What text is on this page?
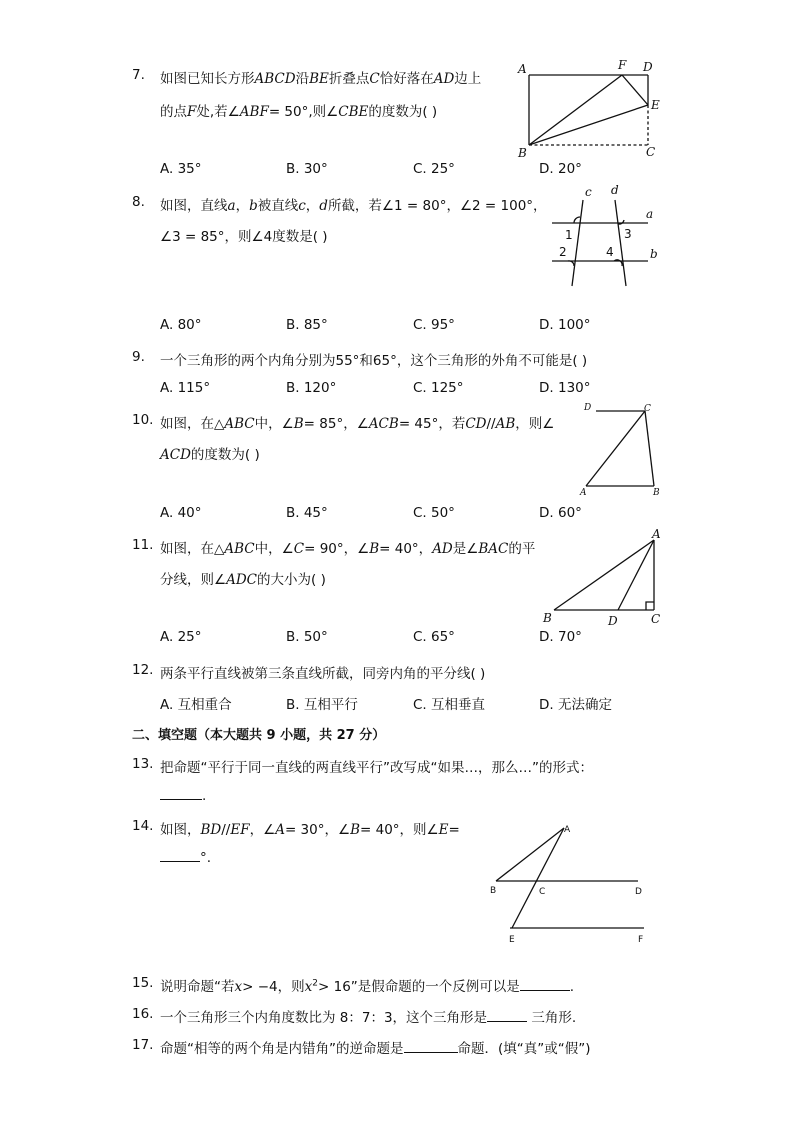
7.	如图已知长方形ABCD沿BE折叠点C恰好落在AD边上
的点F处,若∠ABF= 50°,则∠CBE的度数为( )
A. 35°	B. 30°	C. 25°	D. 20°
A
B	C
D
E
F
8.	如图，直线a，b被直线c，d所截，若∠1 = 80°，∠2 = 100°，
∠3 = 85°，则∠4度数是( )
A. 80°	B. 85°	C. 95°	D. 100°
c d
a
b
1
2
3
4
9.	一个三角形的两个内角分别为55°和65°，这个三角形的外角不可能是( )
A. 115°	B. 120°	C. 125°	D. 130°
10. 如图，在△ABC中，∠B= 85°，∠ACB= 45°，若CD//AB，则∠
ACD的度数为( )
A. 40°	B. 45°	C. 50°	D. 60°
D	C
A	B
11. 如图，在△ABC中，∠C= 90°，∠B= 40°，AD是∠BAC的平
分线，则∠ADC的大小为( )
A. 25°	B. 50°	C. 65°	D. 70°
A
B	C
D
12. 两条平行直线被第三条直线所截，同旁内角的平分线( )
A. 互相重合	B. 互相平行	C. 互相垂直	D. 无法确定
二、填空题（本大题共 9 小题，共 27 分）
13. 把命题“平行于同一直线的两直线平行”改写成“如果…，那么…”的形式：
.
14. 如图，BD//EF，∠A= 30°，∠B= 40°，则∠E=
°.
A
B	C	D
E	F
15. 说明命题“若x> −4，则$x^2> 16$”是假命题的一个反例可以是	.
16. 一个三角形三个内角度数比为 8：7：3，这个三角形是	三角形.
17. 命题“相等的两个角是内错角”的逆命题是	命题．(填“真”或“假”)
